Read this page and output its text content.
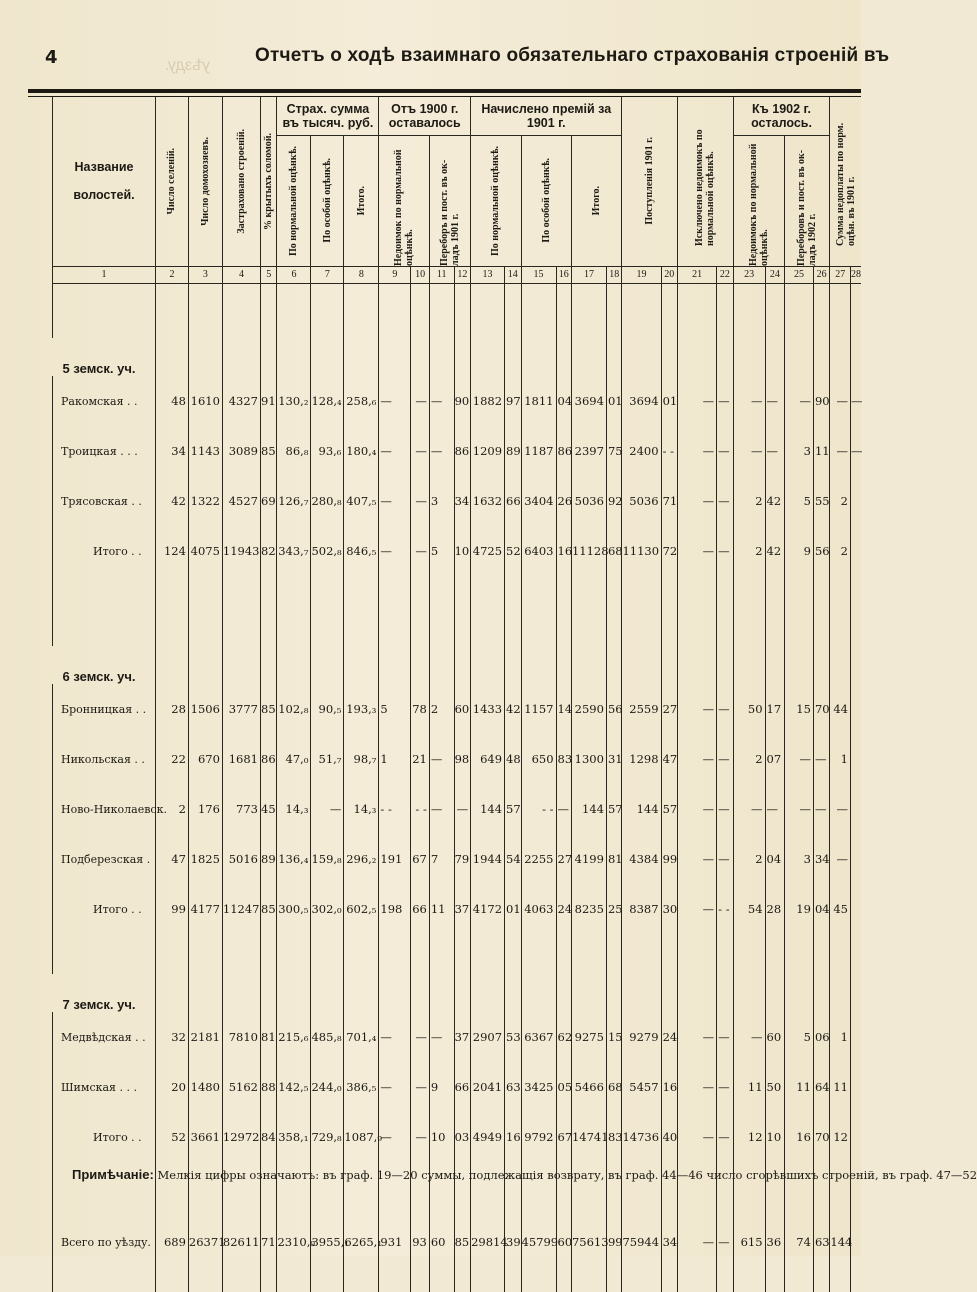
уѣзду.
4	Отчетъ о ходѣ взаимнаго обязательнаго страхованія строеній въ
Название

волостей.	Число селеній.	Число домохозяевъ.	Застраховано строеній.	% крытыхъ соломой.	Страх. сумма въ тысяч. руб.			Отъ 1900 г. оставалось				Начислено премій за 1901 г.						Поступленія 1901 г.		Исключено недоимокъ по нормальной оцѣнкѣ.		Къ 1902 г. осталось.				Сумма недоплаты по норм. оцѣн. въ 1901 г.	

					По нормальной оцѣнкѣ.	По особой оцѣнкѣ.	Итого.	Недоимок по нормальной оцѣнкѣ.		Переборъ и пост. въ ок- ладъ 1901 г.		По нормальной оцѣнкѣ.		По особой оцѣнкѣ.		Итого.						Недоимокъ по нормальной оцѣнкѣ.		Переборовъ и пост. въ ок- ладъ 1902 г.			

1	2	3	4	5	6	7	8	9	10	11	12	13	14	15	16	17	18	19	20	21	22	23	24	25	26	27	28

5 земск. уч.																											
Ракомская . .	48	1610	4327	91	130,₂	128,₄	258,₆	—	—	—	90	1882	97	1811	04	3694	01	3694	01	—	—	—	—	—	90	—	—
Троицкая . . .	34	1143	3089	85	86,₈	93,₆	180,₄	—	—	—	86	1209	89	1187	86	2397	75	2400	- -	—	—	—	—	3	11	—	—
Трясовская . .	42	1322	4527	69	126,₇	280,₈	407,₅	—	—	3	34	1632	66	3404	26	5036	92	5036	71	—	—	2	42	5	55	2	
Итого . .	124	4075	11943	82	343,₇	502,₈	846,₅	—	—	5	10	4725	52	6403	16	11128	68	11130	72	—	—	2	42	9	56	2	

6 земск. уч.																											
Бронницкая . .	28	1506	3777	85	102,₈	90,₅	193,₃	5	78	2	60	1433	42	1157	14	2590	56	2559	27	—	—	50	17	15	70	44	
Никольская . .	22	670	1681	86	47,₀	51,₇	98,₇	1	21	—	98	649	48	650	83	1300	31	1298	47	—	—	2	07	—	—	1	
Ново-Николаевск.	2	176	773	45	14,₃	—	14,₃	- -	- -	—	—	144	57	- -	—	144	57	144	57	—	—	—	—	—	—	—	
Подберезская .	47	1825	5016	89	136,₄	159,₈	296,₂	191	67	7	79	1944	54	2255	27	4199	81	4384	99	—	—	2	04	3	34	—	
Итого . .	99	4177	11247	85	300,₅	302,₀	602,₅	198	66	11	37	4172	01	4063	24	8235	25	8387	30	—	- -	54	28	19	04	45	

7 земск. уч.																											
Медвѣдская . .	32	2181	7810	81	215,₆	485,₈	701,₄	—	—	—	37	2907	53	6367	62	9275	15	9279	24	—	—	—	60	5	06	1	
Шимская . . .	20	1480	5162	88	142,₅	244,₀	386,₅	—	—	9	66	2041	63	3425	05	5466	68	5457	16	—	—	11	50	11	64	11	
Итого . .	52	3661	12972	84	358,₁	729,₈	1087,₉	—	—	10	03	4949	16	9792	67	14741	83	14736	40	—	—	12	10	16	70	12	

Всего по уѣзду.	689	26371	82611	71	2310,₀	3955,₁	6265,₁	931	93	60	85	29814	39	45799	60	75613	99	75944	34	—	—	615	36	74	63	144	

Примѣчаніе: Мелкія цифры означаютъ: въ граф. 19—20 суммы, подлежащія возврату, въ граф. 44—46 число сгорѣвшихъ строеній, въ граф. 47—52
